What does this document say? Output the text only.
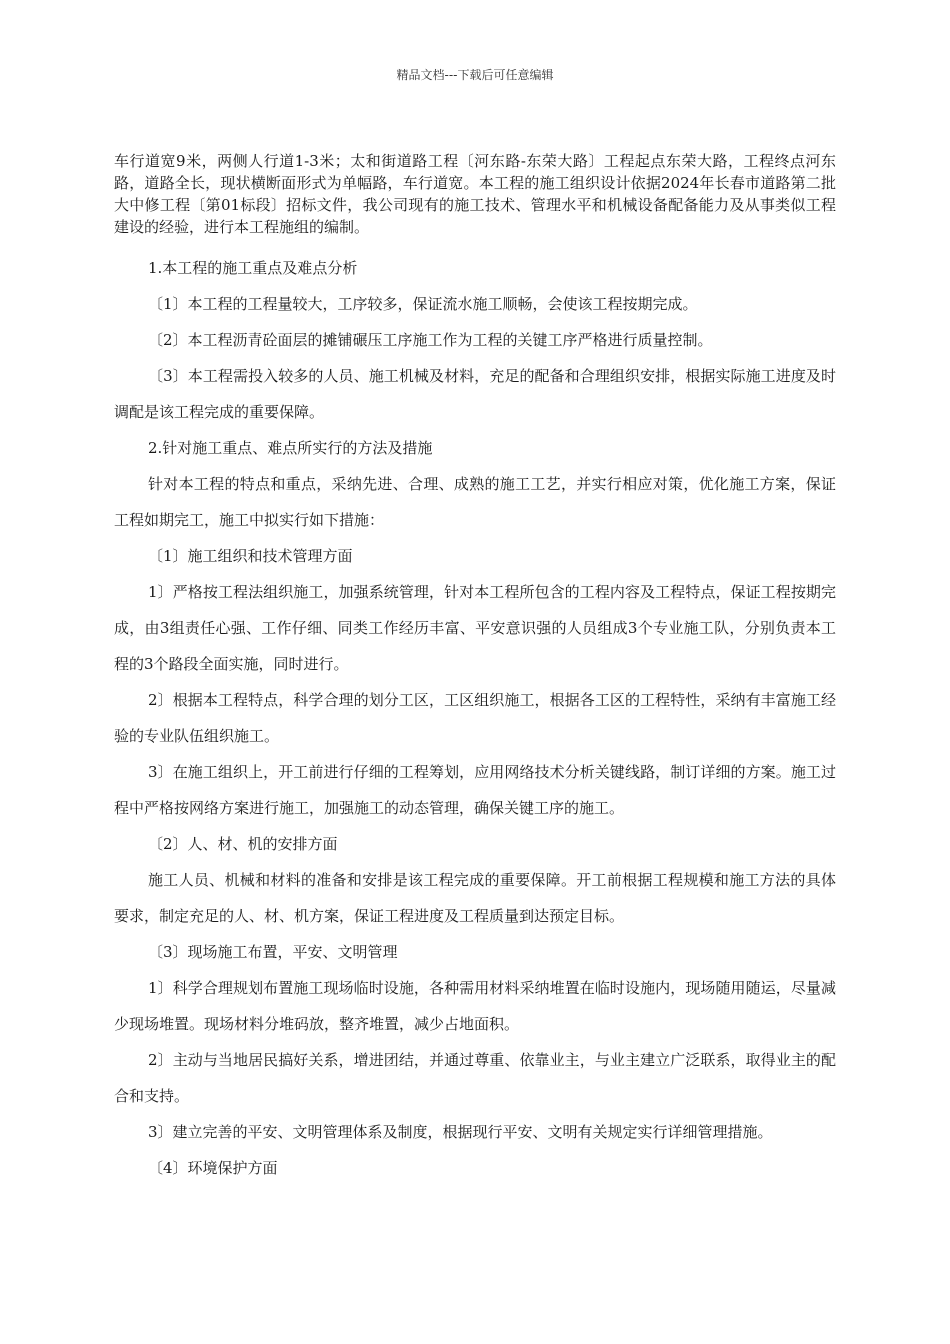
精品文档---下载后可任意编辑

车行道宽9米，两侧人行道1-3米；太和街道路工程〔河东路-东荣大路〕工程起点东荣大路，工程终点河东路，道路全长，现状横断面形式为单幅路，车行道宽。本工程的施工组织设计依据2024年长春市道路第二批大中修工程〔第01标段〕招标文件，我公司现有的施工技术、管理水平和机械设备配备能力及从事类似工程建设的经验，进行本工程施组的编制。

1.本工程的施工重点及难点分析

〔1〕本工程的工程量较大，工序较多，保证流水施工顺畅，会使该工程按期完成。

〔2〕本工程沥青砼面层的摊铺碾压工序施工作为工程的关键工序严格进行质量控制。

〔3〕本工程需投入较多的人员、施工机械及材料，充足的配备和合理组织安排，根据实际施工进度及时调配是该工程完成的重要保障。

2.针对施工重点、难点所实行的方法及措施

针对本工程的特点和重点，采纳先进、合理、成熟的施工工艺，并实行相应对策，优化施工方案，保证工程如期完工，施工中拟实行如下措施：

〔1〕施工组织和技术管理方面

1〕严格按工程法组织施工，加强系统管理，针对本工程所包含的工程内容及工程特点，保证工程按期完成，由3组责任心强、工作仔细、同类工作经历丰富、平安意识强的人员组成3个专业施工队，分别负责本工程的3个路段全面实施，同时进行。

2〕根据本工程特点，科学合理的划分工区，工区组织施工，根据各工区的工程特性，采纳有丰富施工经验的专业队伍组织施工。

3〕在施工组织上，开工前进行仔细的工程筹划，应用网络技术分析关键线路，制订详细的方案。施工过程中严格按网络方案进行施工，加强施工的动态管理，确保关键工序的施工。

〔2〕人、材、机的安排方面

施工人员、机械和材料的准备和安排是该工程完成的重要保障。开工前根据工程规模和施工方法的具体要求，制定充足的人、材、机方案，保证工程进度及工程质量到达预定目标。

〔3〕现场施工布置，平安、文明管理

1〕科学合理规划布置施工现场临时设施，各种需用材料采纳堆置在临时设施内，现场随用随运，尽量减少现场堆置。现场材料分堆码放，整齐堆置，减少占地面积。

2〕主动与当地居民搞好关系，增进团结，并通过尊重、依靠业主，与业主建立广泛联系，取得业主的配合和支持。

3〕建立完善的平安、文明管理体系及制度，根据现行平安、文明有关规定实行详细管理措施。

〔4〕环境保护方面
